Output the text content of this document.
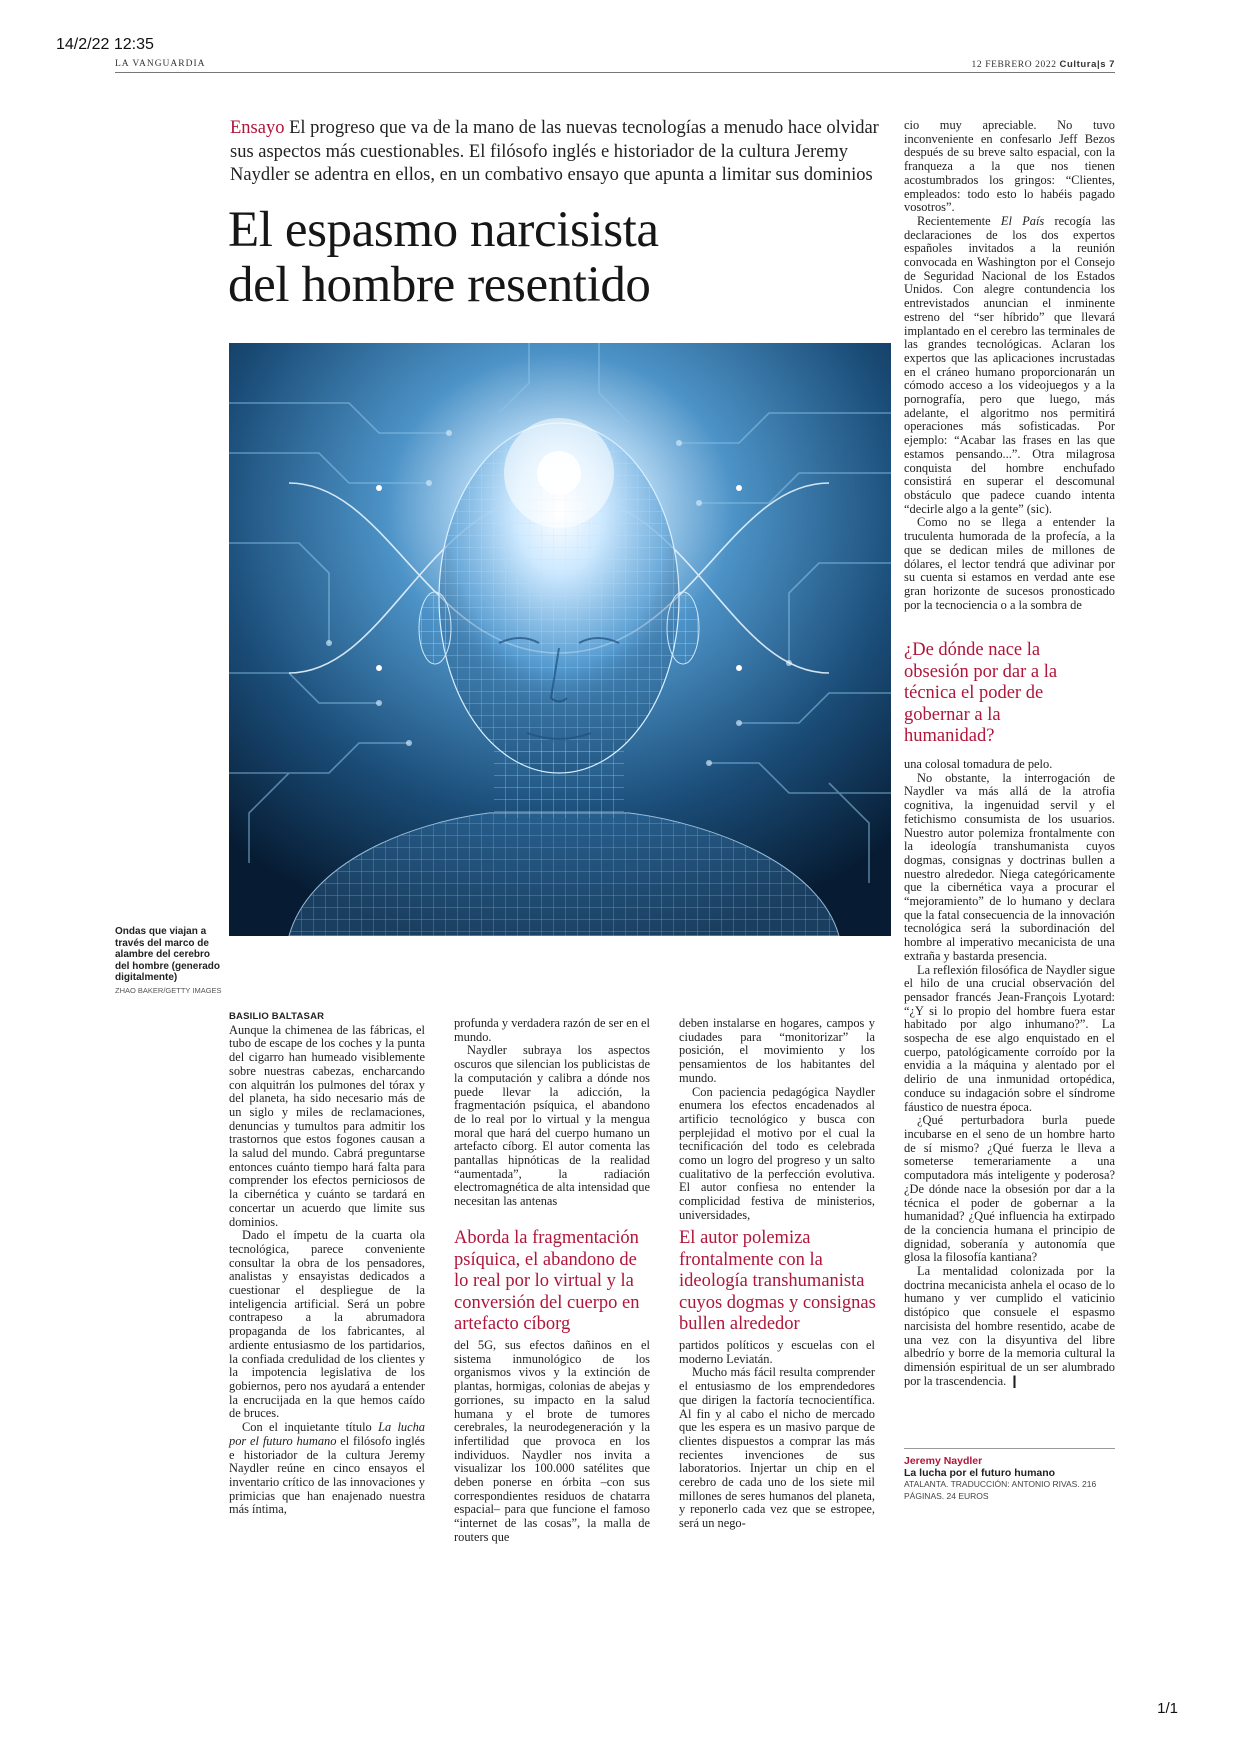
14/2/22 12:35
LA VANGUARDIA	12 FEBRERO 2022 Cultura|s 7

Ensayo El progreso que va de la mano de las nuevas tecnologías a menudo hace olvidar sus aspectos más cuestionables. El filósofo inglés e historiador de la cultura Jeremy Naydler se adentra en ellos, en un combativo ensayo que apunta a limitar sus dominios

El espasmo narcisista
del hombre resentido
Ondas que viajan a través del marco de alambre del cerebro del hombre (generado digitalmente)
ZHAO BAKER/GETTY IMAGES
BASILIO BALTASAR

Aunque la chimenea de las fábricas, el tubo de escape de los coches y la punta del cigarro han humeado visiblemente sobre nuestras cabezas, encharcando con alquitrán los pulmones del tórax y del planeta, ha sido necesario más de un siglo y miles de reclamaciones, denuncias y tumultos para admitir los trastornos que estos fogones causan a la salud del mundo. Cabrá preguntarse entonces cuánto tiempo hará falta para comprender los efectos perniciosos de la cibernética y cuánto se tardará en concertar un acuerdo que limite sus dominios.

Dado el ímpetu de la cuarta ola tecnológica, parece conveniente consultar la obra de los pensadores, analistas y ensayistas dedicados a cuestionar el despliegue de la inteligencia artificial. Será un pobre contrapeso a la abrumadora propaganda de los fabricantes, al ardiente entusiasmo de los partidarios, la confiada credulidad de los clientes y la impotencia legislativa de los gobiernos, pero nos ayudará a entender la encrucijada en la que hemos caído de bruces.

Con el inquietante título La lucha por el futuro humano el filósofo inglés e historiador de la cultura Jeremy Naydler reúne en cinco ensayos el inventario crítico de las innovaciones y primicias que han enajenado nuestra más íntima,

profunda y verdadera razón de ser en el mundo.

Naydler subraya los aspectos oscuros que silencian los publicistas de la computación y calibra a dónde nos puede llevar la adicción, la fragmentación psíquica, el abandono de lo real por lo virtual y la mengua moral que hará del cuerpo humano un artefacto cíborg. El autor comenta las pantallas hipnóticas de la realidad “aumentada”, la radiación electromagnética de alta intensidad que necesitan las antenas

Aborda la fragmentación psíquica, el abandono de lo real por lo virtual y la conversión del cuerpo en artefacto cíborg

del 5G, sus efectos dañinos en el sistema inmunológico de los organismos vivos y la extinción de plantas, hormigas, colonias de abejas y gorriones, su impacto en la salud humana y el brote de tumores cerebrales, la neurodegeneración y la infertilidad que provoca en los individuos. Naydler nos invita a visualizar los 100.000 satélites que deben ponerse en órbita –con sus correspondientes residuos de chatarra espacial– para que funcione el famoso “internet de las cosas”, la malla de routers que

deben instalarse en hogares, campos y ciudades para “monitorizar” la posición, el movimiento y los pensamientos de los habitantes del mundo.

Con paciencia pedagógica Naydler enumera los efectos encadenados al artificio tecnológico y busca con perplejidad el motivo por el cual la tecnificación del todo es celebrada como un logro del progreso y un salto cualitativo de la perfección evolutiva. El autor confiesa no entender la complicidad festiva de ministerios, universidades,

El autor polemiza frontalmente con la ideología transhumanista cuyos dogmas y consignas bullen alrededor

partidos políticos y escuelas con el moderno Leviatán.

Mucho más fácil resulta comprender el entusiasmo de los emprendedores que dirigen la factoría tecnocientífica. Al fin y al cabo el nicho de mercado que les espera es un masivo parque de clientes dispuestos a comprar las más recientes invenciones de sus laboratorios. Injertar un chip en el cerebro de cada uno de los siete mil millones de seres humanos del planeta, y reponerlo cada vez que se estropee, será un nego-

cio muy apreciable. No tuvo inconveniente en confesarlo Jeff Bezos después de su breve salto espacial, con la franqueza a la que nos tienen acostumbrados los gringos: “Clientes, empleados: todo esto lo habéis pagado vosotros”.

Recientemente El País recogía las declaraciones de los dos expertos españoles invitados a la reunión convocada en Washington por el Consejo de Seguridad Nacional de los Estados Unidos. Con alegre contundencia los entrevistados anuncian el inminente estreno del “ser híbrido” que llevará implantado en el cerebro las terminales de las grandes tecnológicas. Aclaran los expertos que las aplicaciones incrustadas en el cráneo humano proporcionarán un cómodo acceso a los videojuegos y a la pornografía, pero que luego, más adelante, el algoritmo nos permitirá operaciones más sofisticadas. Por ejemplo: “Acabar las frases en las que estamos pensando...”. Otra milagrosa conquista del hombre enchufado consistirá en superar el descomunal obstáculo que padece cuando intenta “decirle algo a la gente” (sic).

Como no se llega a entender la truculenta humorada de la profecía, a la que se dedican miles de millones de dólares, el lector tendrá que adivinar por su cuenta si estamos en verdad ante ese gran horizonte de sucesos pronosticado por la tecnociencia o a la sombra de

¿De dónde nace la obsesión por dar a la técnica el poder de gobernar a la humanidad?

una colosal tomadura de pelo.

No obstante, la interrogación de Naydler va más allá de la atrofia cognitiva, la ingenuidad servil y el fetichismo consumista de los usuarios. Nuestro autor polemiza frontalmente con la ideología transhumanista cuyos dogmas, consignas y doctrinas bullen a nuestro alrededor. Niega categóricamente que la cibernética vaya a procurar el “mejoramiento” de lo humano y declara que la fatal consecuencia de la innovación tecnológica será la subordinación del hombre al imperativo mecanicista de una extraña y bastarda presencia.

La reflexión filosófica de Naydler sigue el hilo de una crucial observación del pensador francés Jean-François Lyotard: “¿Y si lo propio del hombre fuera estar habitado por algo inhumano?”. La sospecha de ese algo enquistado en el cuerpo, patológicamente corroído por la envidia a la máquina y alentado por el delirio de una inmunidad ortopédica, conduce su indagación sobre el síndrome fáustico de nuestra época.

¿Qué perturbadora burla puede incubarse en el seno de un hombre harto de sí mismo? ¿Qué fuerza le lleva a someterse temerariamente a una computadora más inteligente y poderosa? ¿De dónde nace la obsesión por dar a la técnica el poder de gobernar a la humanidad? ¿Qué influencia ha extirpado de la conciencia humana el principio de dignidad, soberanía y autonomía que glosa la filosofía kantiana?

La mentalidad colonizada por la doctrina mecanicista anhela el ocaso de lo humano y ver cumplido el vaticinio distópico que consuele el espasmo narcisista del hombre resentido, acabe de una vez con la disyuntiva del libre albedrío y borre de la memoria cultural la dimensión espiritual de un ser alumbrado por la trascendencia. ❙

Jeremy Naydler
La lucha por el futuro humano
ATALANTA. TRADUCCIÓN: ANTONIO RIVAS. 216 PÁGINAS. 24 EUROS
1/1
